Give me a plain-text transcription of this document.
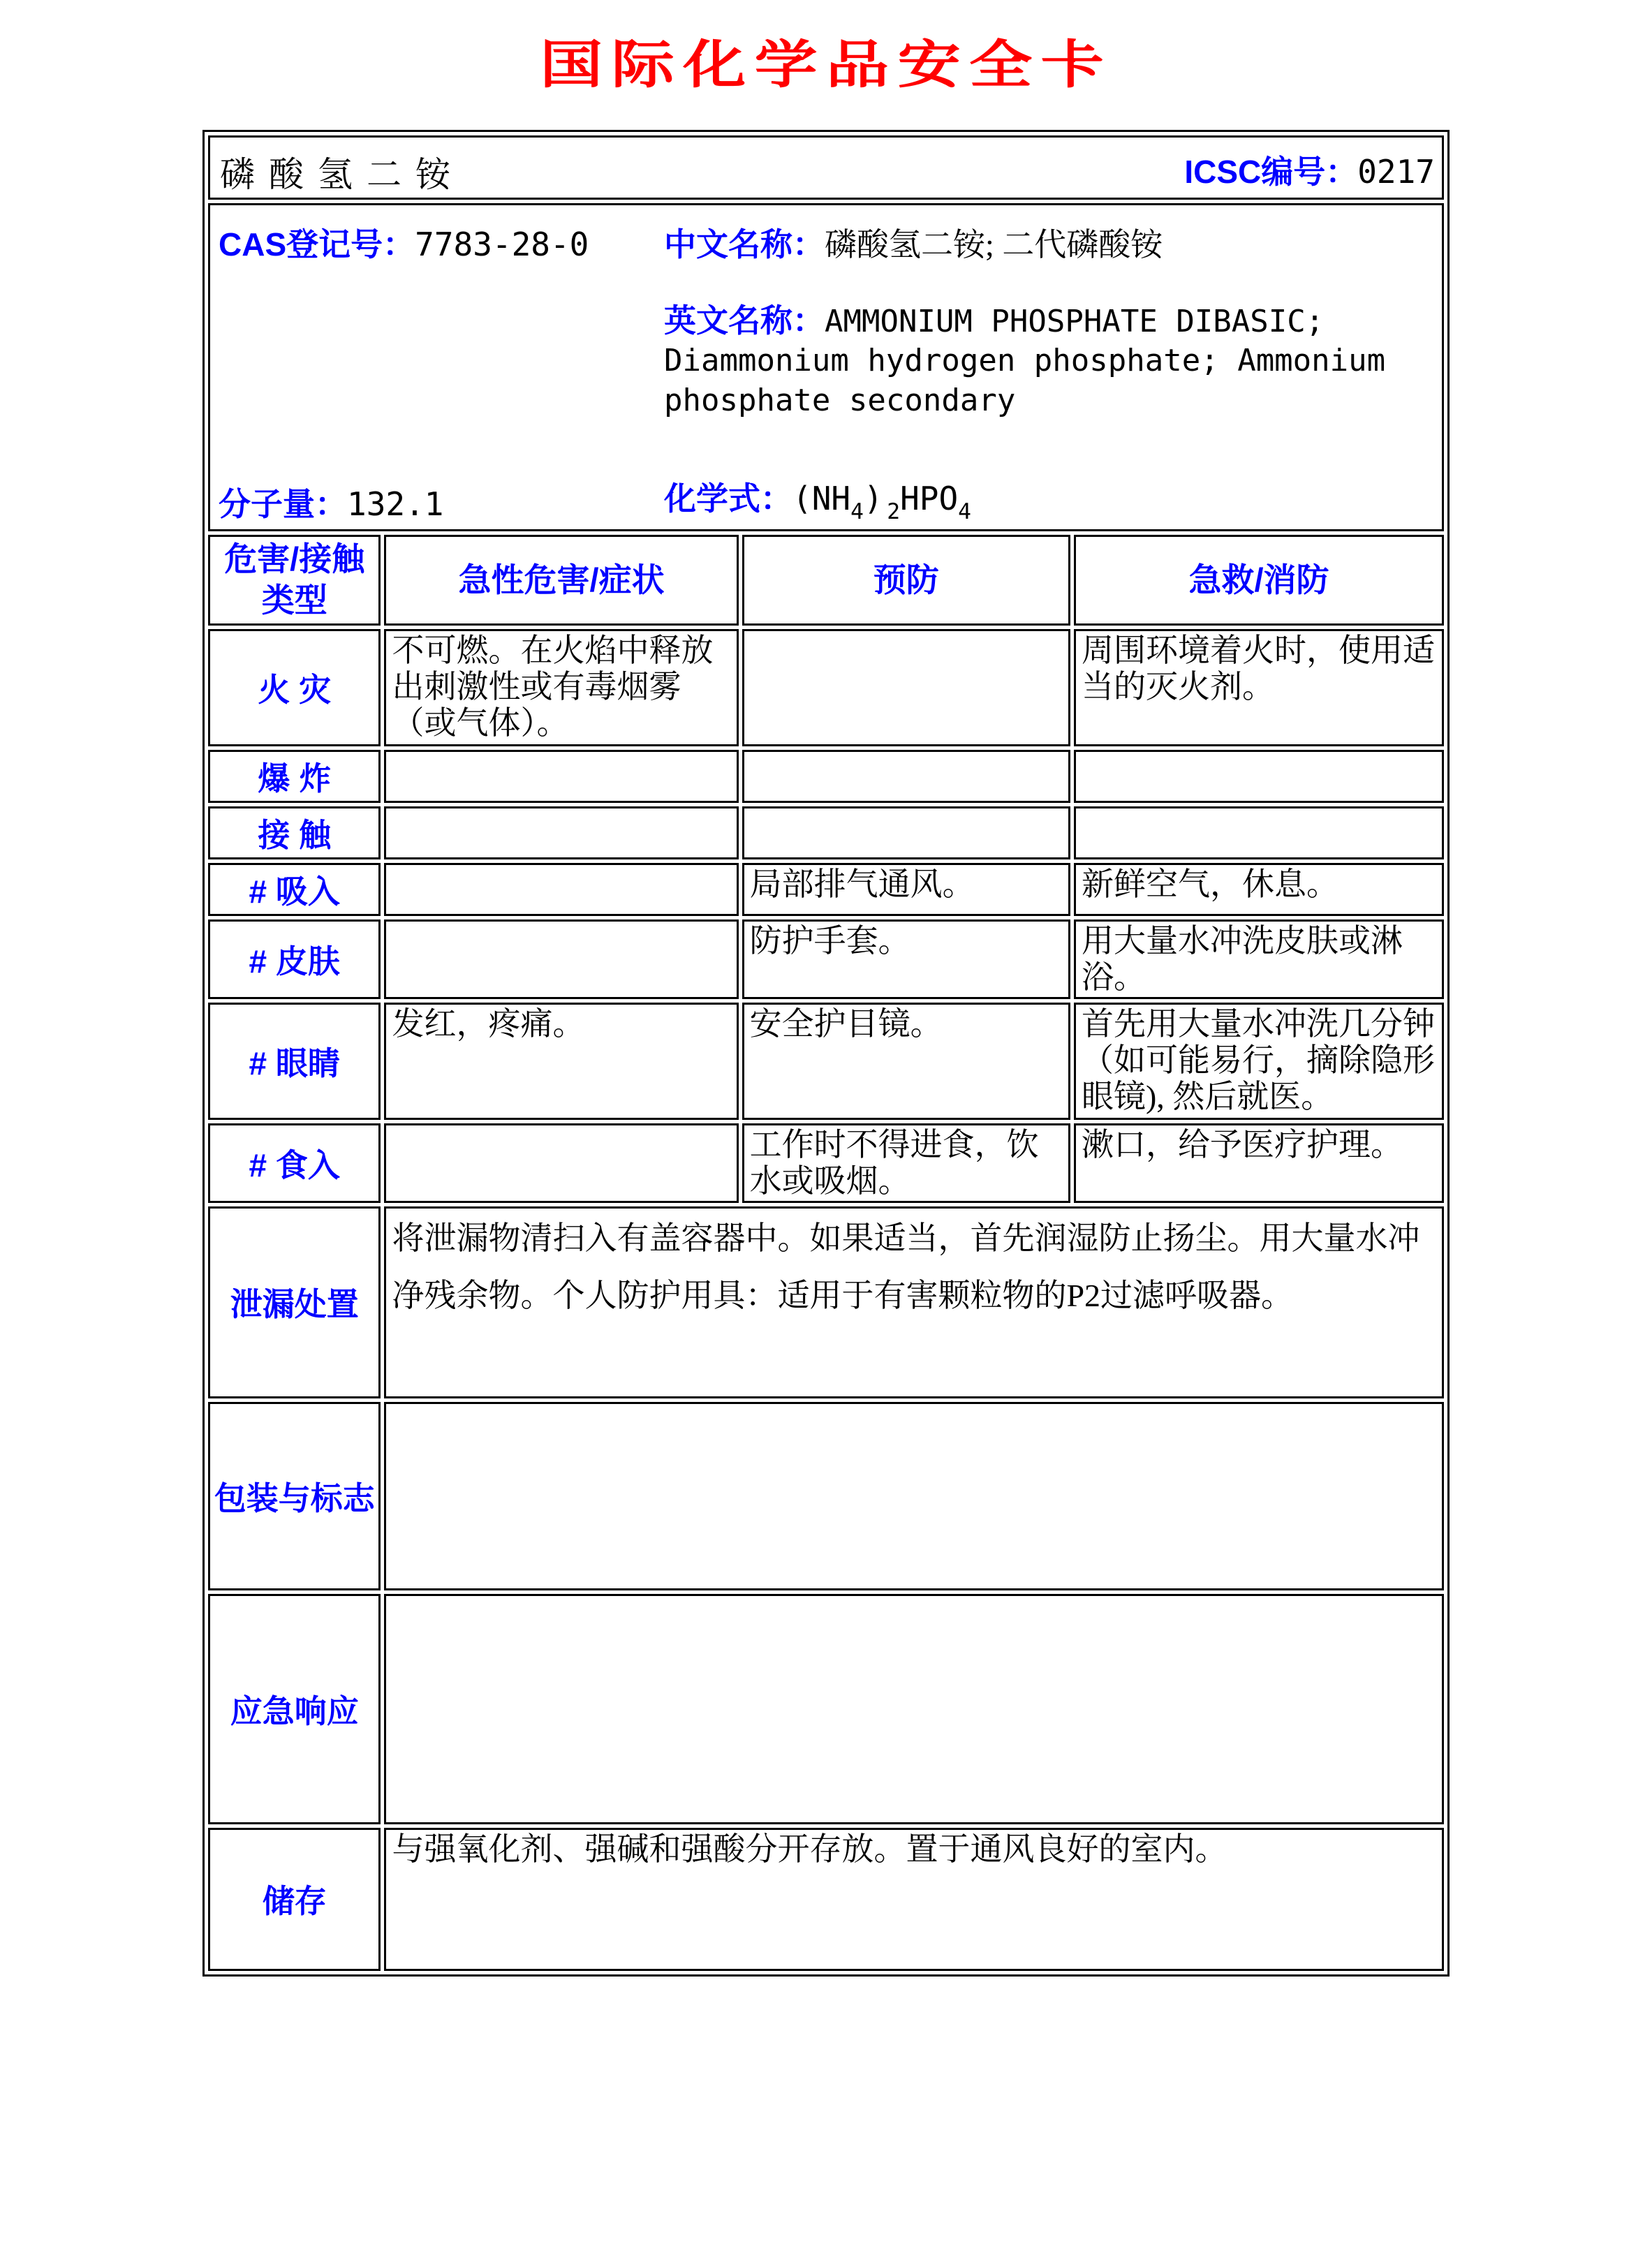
国际化学品安全卡
磷酸氢二铵 ICSC编号：0217			

CAS登记号：7783-28-0 中文名称：磷酸氢二铵; 二代磷酸铵
英文名称：AMMONIUM PHOSPHATE DIBASIC; Diammonium hydrogen phosphate; Ammonium phosphate secondary
分子量：132.1 化学式：$(NH_4)$ $_2HPO_4$

危害/接触
类型	急性危害/症状	预防	急救/消防
火 灾	不可燃。在火焰中释放出刺激性或有毒烟雾（或气体）。		周围环境着火时，使用适当的灭火剂。
爆 炸			
接 触			
# 吸入		局部排气通风。	新鲜空气，休息。
# 皮肤		防护手套。	用大量水冲洗皮肤或淋浴。
# 眼睛	发红，疼痛。	安全护目镜。	首先用大量水冲洗几分钟（如可能易行，摘除隐形眼镜), 然后就医。
# 食入		工作时不得进食，饮水或吸烟。	漱口，给予医疗护理。
泄漏处置	将泄漏物清扫入有盖容器中。如果适当，首先润湿防止扬尘。用大量水冲净残余物。个人防护用具：适用于有害颗粒物的P2过滤呼吸器。		
包装与标志			
应急响应			
储存	与强氧化剂、强碱和强酸分开存放。置于通风良好的室内。		
